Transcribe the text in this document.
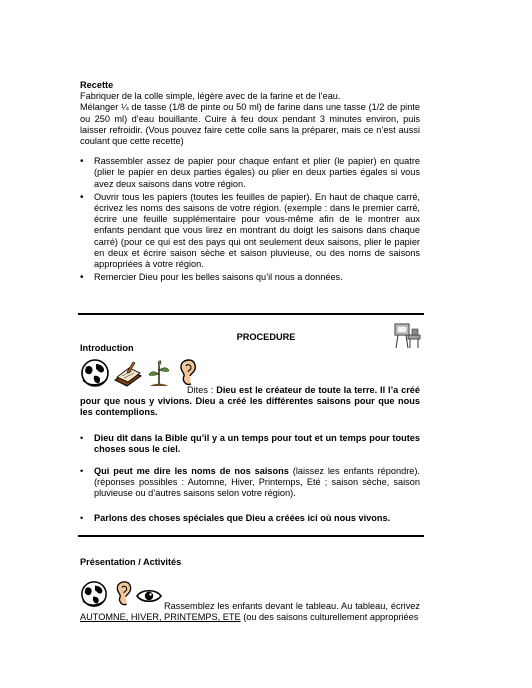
Recette
Fabriquer de la colle simple, légère avec de la farine et de l’eau.
Mélanger ¼ de tasse (1/8 de pinte ou 50 ml) de farine dans une tasse (1/2 de pinte ou 250 ml) d’eau bouillante. Cuire à feu doux pendant 3 minutes environ, puis laisser refroidir. (Vous pouvez faire cette colle sans la préparer, mais ce n’est aussi coulant que cette recette)
• Rassembler assez de papier pour chaque enfant et plier (le papier) en quatre (plier le papier en deux parties égales) ou plier en deux parties égales si vous avez deux saisons dans votre région.
• Ouvrir tous les papiers (toutes les feuilles de papier). En haut de chaque carré, écrivez les noms des saisons de votre région. (exemple : dans le premier carré, écrire une feuille supplémentaire pour vous-même afin de le montrer aux enfants pendant que vous lirez en montrant du doigt les saisons dans chaque carré) (pour ce qui est des pays qui ont seulement deux saisons, plier le papier en deux et écrire saison sèche et saison pluvieuse, ou des noms de saisons appropriées à votre région.
• Remercier Dieu pour les belles saisons qu’il nous a données.
PROCEDURE
Introduction
Dites : Dieu est le créateur de toute la terre. Il l’a créé pour que nous y vivions. Dieu a créé les différentes saisons pour que nous les contemplions.
• Dieu dit dans la Bible qu’il y a un temps pour tout et un temps pour toutes choses sous le ciel.
• Qui peut me dire les noms de nos saisons (laissez les enfants répondre). (réponses possibles : Automne, Hiver, Printemps, Eté ; saison sèche, saison pluvieuse ou d’autres saisons selon votre région).
• Parlons des choses spéciales que Dieu a créées ici où nous vivons.
Présentation / Activités
Rassemblez les enfants devant le tableau. Au tableau, écrivez AUTOMNE, HIVER, PRINTEMPS, ETE (ou des saisons culturellement appropriées
